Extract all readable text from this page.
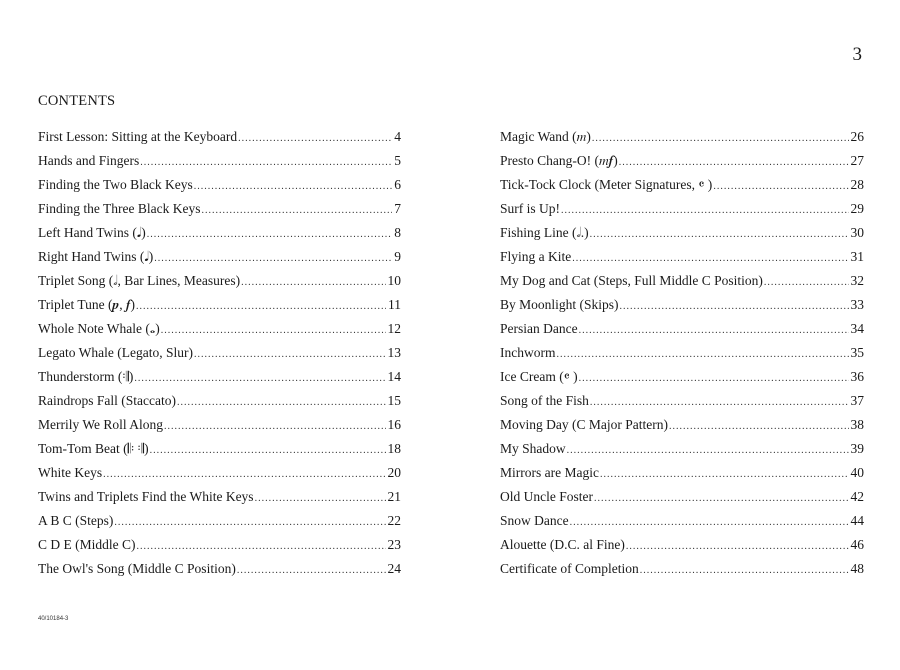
3
CONTENTS
First Lesson: Sitting at the Keyboard .....	4
Hands and Fingers .....	5
Finding the Two Black Keys .....	6
Finding the Three Black Keys .....	7
Left Hand Twins (𝅘𝅥) .....	8
Right Hand Twins (𝅘𝅥) .....	9
Triplet Song (𝅗𝅥, Bar Lines, Measures) .....	10
Triplet Tune (𝆏, 𝆑) .....	11
Whole Note Whale (𝅝) .....	12
Legato Whale (Legato, Slur) .....	13
Thunderstorm (𝄇) .....	14
Raindrops Fall (Staccato) .....	15
Merrily We Roll Along .....	16
Tom-Tom Beat (𝄆 𝄇) .....	18
White Keys .....	20
Twins and Triplets Find the White Keys .....	21
A B C (Steps) .....	22
C D E (Middle C) .....	23
The Owl's Song (Middle C Position) .....	24
Magic Wand (𝆐) .....	26
Presto Chang-O! (𝆐𝆑) .....	27
Tick-Tock Clock (Meter Signatures, 𝄴 ) .....	28
Surf is Up! .....	29
Fishing Line (𝅗𝅥.) .....	30
Flying a Kite .....	31
My Dog and Cat (Steps, Full Middle C Position) .....	32
By Moonlight (Skips) .....	33
Persian Dance .....	34
Inchworm .....	35
Ice Cream (𝄴 ) .....	36
Song of the Fish .....	37
Moving Day (C Major Pattern) .....	38
My Shadow .....	39
Mirrors are Magic .....	40
Old Uncle Foster .....	42
Snow Dance .....	44
Alouette (D.C. al Fine) .....	46
Certificate of Completion .....	48
40/10184-3
